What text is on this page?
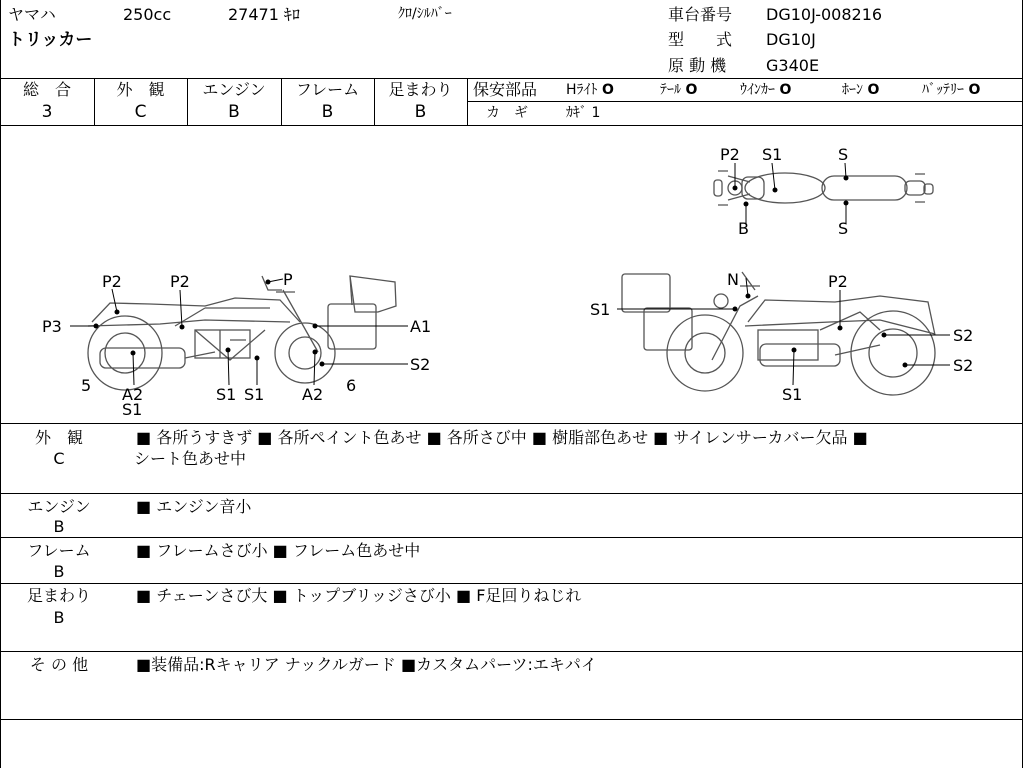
ヤマハ	250cc	27471 ｷﾛ	ｸﾛ/ｼﾙﾊﾞｰ
トリッカー
車台番号 DG10J-008216
型　　式 DG10J
原 動 機 G340E
総　合
3
外　観
C
エンジン
B
フレーム
B
足まわり
B
保安部品 Hﾗｲﾄ O	ﾃｰﾙ O	ｳｲﾝｶｰ O	ﾎｰﾝ O	ﾊﾞｯﾃﾘｰ O
カ　ギ	ｶｷﾞ 1
P2 S1	S
B	S
P2	P2	P
P3	A1
S2
5 A2
S1
S1 S1 A2 6
N	P2
S1
S2
S2
S1
外　観
C
■ 各所うすきず ■ 各所ペイント色あせ ■ 各所さび中 ■ 樹脂部色あせ ■ サイレンサーカバー欠品 ■
シート色あせ中
エンジン
B
■ エンジン音小
フレーム
B
■ フレームさび小 ■ フレーム色あせ中
足まわり
B
■ チェーンさび大 ■ トップブリッジさび小 ■ F足回りねじれ
そ の 他	■装備品:Rキャリア ナックルガード ■カスタムパーツ:エキパイ
